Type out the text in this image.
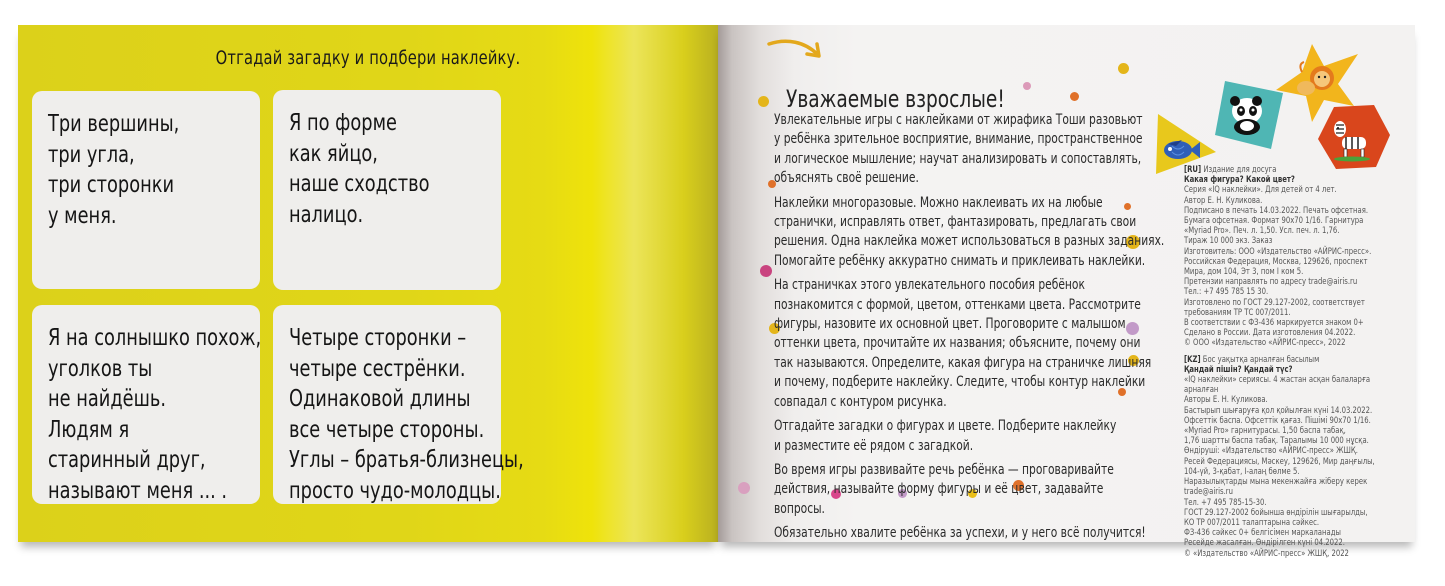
Отгадай загадку и подбери наклейку.
Три вершины,
три угла,
три сторонки
у меня.
Я по форме
как яйцо,
наше сходство
налицо.
Я на солнышко похож,
уголков ты
не найдёшь.
Людям я
старинный друг,
называют меня ... .
Четыре сторонки –
четыре сестрёнки.
Одинаковой длины
все четыре стороны.
Углы – братья-близнецы,
просто чудо-молодцы.
Уважаемые взрослые!
Увлекательные игры с наклейками от жирафика Тоши разовьют
у ребёнка зрительное восприятие, внимание, пространственное
и логическое мышление; научат анализировать и сопоставлять,
объяснять своё решение.
Наклейки многоразовые. Можно наклеивать их на любые
странички, исправлять ответ, фантазировать, предлагать свои
решения. Одна наклейка может использоваться в разных заданиях.
Помогайте ребёнку аккуратно снимать и приклеивать наклейки.
На страничках этого увлекательного пособия ребёнок
познакомится с формой, цветом, оттенками цвета. Рассмотрите
фигуры, назовите их основной цвет. Проговорите с малышом
оттенки цвета, прочитайте их названия; объясните, почему они
так называются. Определите, какая фигура на страничке лишняя
и почему, подберите наклейку. Следите, чтобы контур наклейки
совпадал с контуром рисунка.
Отгадайте загадки о фигурах и цвете. Подберите наклейку
и разместите её рядом с загадкой.
Во время игры развивайте речь ребёнка — проговаривайте
действия, называйте форму фигуры и её цвет, задавайте
вопросы.
Обязательно хвалите ребёнка за успехи, и у него всё получится!
[RU] Издание для досуга
Какая фигура? Какой цвет?
Серия «IQ наклейки». Для детей от 4 лет.
Автор Е. Н. Куликова.
Подписано в печать 14.03.2022. Печать офсетная.
Бумага офсетная. Формат 90x70 1/16. Гарнитура
«Myriad Pro». Печ. л. 1,50. Усл. печ. л. 1,76.
Тираж 10 000 экз. Заказ
Изготовитель: ООО «Издательство «АЙРИС-пресс».
Российская Федерация, Москва, 129626, проспект
Мира, дом 104, Эт 3, пом I ком 5.
Претензии направлять по адресу trade@airis.ru
Тел.: +7 495 785 15 30.
Изготовлено по ГОСТ 29.127-2002, соответствует
требованиям ТР ТС 007/2011.
В соответствии с ФЗ-436 маркируется знаком 0+
Сделано в России. Дата изготовления 04.2022.
© ООО «Издательство «АЙРИС-пресс», 2022
[KZ] Бос уақытқа арналған басылым
Қандай пішін? Қандай түс?
«IQ наклейки» сериясы. 4 жастан асқан балаларға
арналған
Авторы Е. Н. Куликова.
Бастырып шығаруға қол қойылған күні 14.03.2022.
Офсеттік баспа. Офсеттік қағаз. Пішімі 90x70 1/16.
«Myriad Pro» гарнитурасы. 1,50 баспа табақ,
1,76 шартты баспа табақ. Таралымы 10 000 нұсқа.
Өндіруші: «Издательство «АЙРИС-пресс» ЖШҚ.
Ресей Федерациясы, Мәскеу, 129626, Мир даңғылы,
104-үй, 3-қабат, I-алаң бөлме 5.
Наразылықтарды мына мекенжайға жіберу керек
trade@airis.ru
Тел. +7 495 785-15-30.
ГОСТ 29.127-2002 бойынша өндірілін шығарылды,
КО ТР 007/2011 талаптарына сәйкес.
ФЗ-436 сәйкес 0+ белгісімен маркаланады
Ресейде жасалған. Өндірілген күні 04.2022.
© «Издательство «АЙРИС-пресс» ЖШҚ, 2022
